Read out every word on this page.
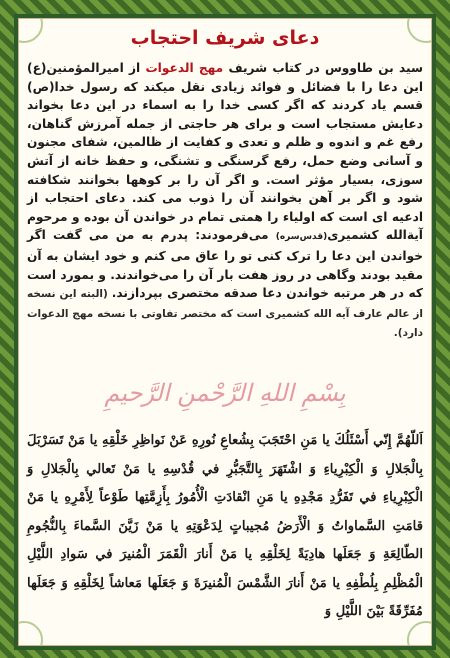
دعای شریف احتجاب
سید بن طاووس در کتاب شریف مهج الدعوات از امیرالمؤمنین(ع) این دعا را با فضائل و فوائد زیادی نقل میکند که رسول خدا(ص) قسم یاد کردند که اگر کسی خدا را به اسماء در این دعا بخواند دعایش مستجاب است و برای هر حاجتی از جمله آمرزش گناهان، رفع غم و اندوه و ظلم و تعدی و کفایت از ظالمین، شفای مجنون و آسانی وضع حمل، رفع گرسنگی و تشنگی، و حفظ خانه از آتش سوزی، بسیار مؤثر است. و اگر آن را بر کوهها بخوانند شکافته شود و اگر بر آهن بخوانند آن را ذوب می کند. دعای احتجاب از ادعیه ای است که اولیاء را همتی تمام در خواندن آن بوده و مرحوم آیةالله کشمیری(قدس‌سره) می‌فرمودند: پدرم به من می گفت اگر خواندن این دعا را ترک کنی تو را عاق می کنم و خود ایشان به آن مقید بودند وگاهی در روز هفت بار آن را می‌خواندند. و بمورد است که در هر مرتبه خواندن دعا صدقه مختصری بپردازند. (البته این نسخه از عالم عارف آیه الله کشمیری است که مختصر تفاوتی با نسخه مهج الدعوات دارد).
بِسْمِ اللهِ الرَّحْمنِ الرَّحیمِ
اَللّهُمَّ إِنّي أَسْئَلُكَ يا مَنِ احْتَجَبَ بِشُعاعِ نُورِهِ عَنْ نَواظِرِ خَلْقِهِ يا مَنْ تَسَرْبَلَ بِالْجَلالِ وَ الْكِبْرِياءِ وَ اشْتَهَرَ بِالتَّجَبُّرِ في قُدْسِهِ يا مَنْ تَعالي بِالْجَلالِ وَ الْكِبْرِياءِ في تَفَرُّدِ مَجْدِهِ يا مَنِ انْقادَتِ الْأُمُورُ بِأَزِمَّتِها طَوْعاً لِأَمْرِهِ يا مَنْ قامَتِ السَّماواتُ وَ الْأَرَضُ مُجيباتٍ لِدَعْوَتِهِ يا مَنْ زَيَّنَ السَّماءَ بِالنُّجُومِ الطّالِعَةِ وَ جَعَلَها هادِيَةً لِخَلْقِهِ يا مَنْ أَنارَ الْقَمَرَ الْمُنيرَ في سَوادِ اللَّيْلِ الْمُظْلِمِ بِلُطْفِهِ يا مَنْ أَنارَ الشَّمْسَ الْمُنيرَةَ وَ جَعَلَها مَعاشاً لِخَلْقِهِ وَ جَعَلَها مُفَرِّقَةً بَيْنَ اللَّيْلِ وَ
